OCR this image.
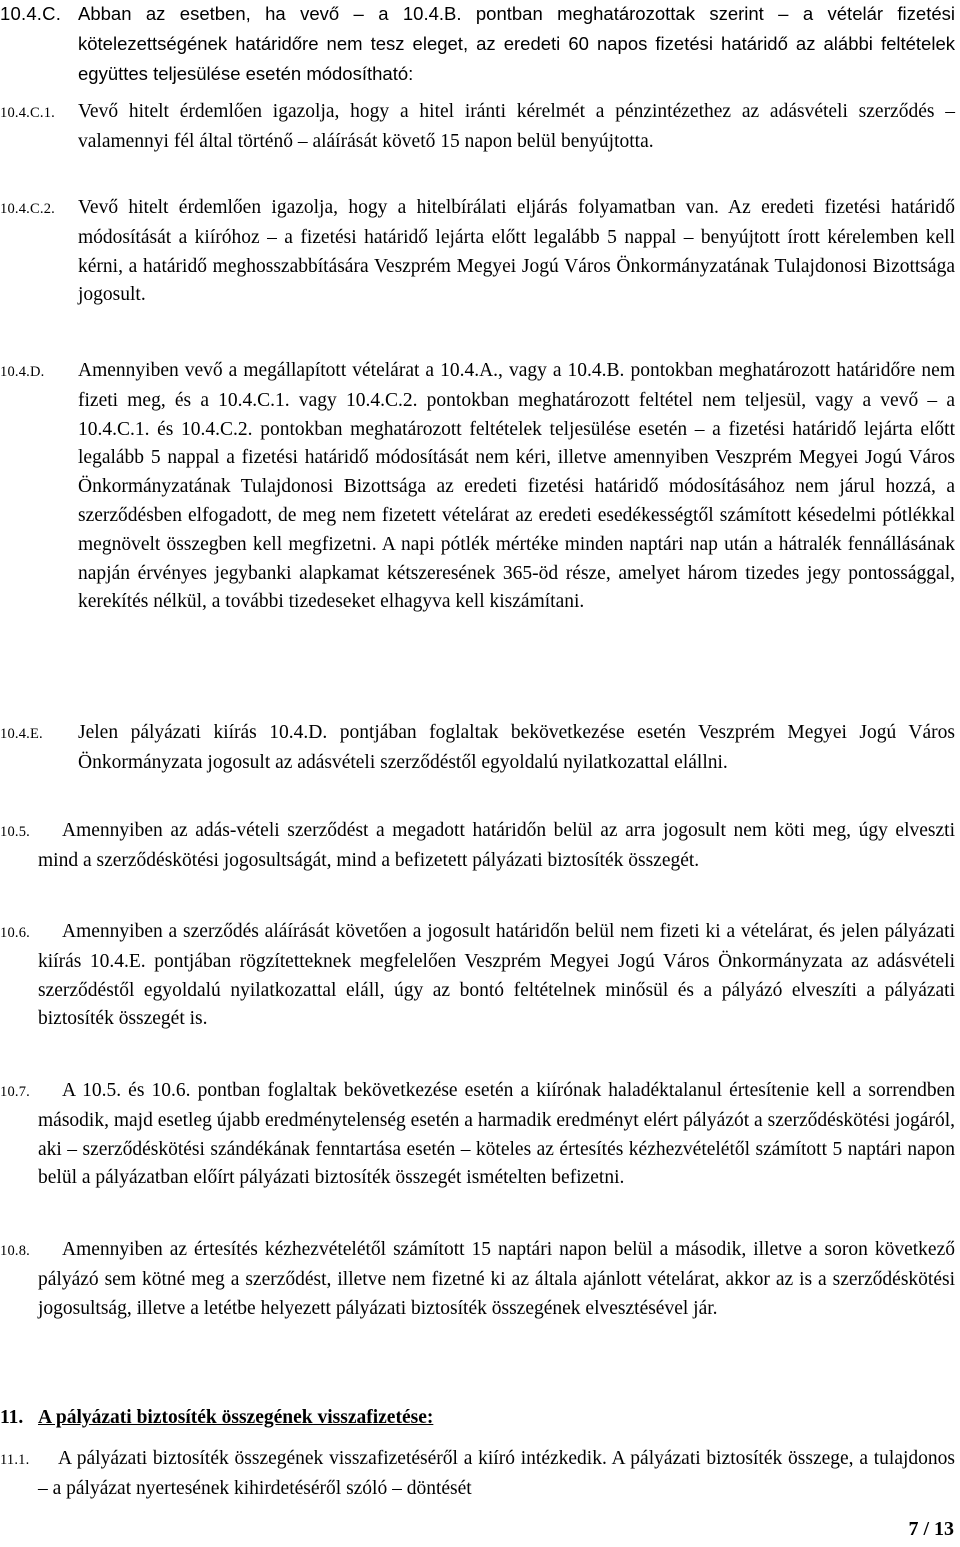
10.4.C. Abban az esetben, ha vevő – a 10.4.B. pontban meghatározottak szerint – a vételár fizetési kötelezettségének határidőre nem tesz eleget, az eredeti 60 napos fizetési határidő az alábbi feltételek együttes teljesülése esetén módosítható:
10.4.C.1. Vevő hitelt érdemlően igazolja, hogy a hitel iránti kérelmét a pénzintézethez az adásvételi szerződés – valamennyi fél által történő – aláírását követő 15 napon belül benyújtotta.
10.4.C.2. Vevő hitelt érdemlően igazolja, hogy a hitelbírálati eljárás folyamatban van. Az eredeti fizetési határidő módosítását a kiíróhoz – a fizetési határidő lejárta előtt legalább 5 nappal – benyújtott írott kérelemben kell kérni, a határidő meghosszabbítására Veszprém Megyei Jogú Város Önkormányzatának Tulajdonosi Bizottsága jogosult.
10.4.D. Amennyiben vevő a megállapított vételárat a 10.4.A., vagy a 10.4.B. pontokban meghatározott határidőre nem fizeti meg, és a 10.4.C.1. vagy 10.4.C.2. pontokban meghatározott feltétel nem teljesül, vagy a vevő – a 10.4.C.1. és 10.4.C.2. pontokban meghatározott feltételek teljesülése esetén – a fizetési határidő lejárta előtt legalább 5 nappal a fizetési határidő módosítását nem kéri, illetve amennyiben Veszprém Megyei Jogú Város Önkormányzatának Tulajdonosi Bizottsága az eredeti fizetési határidő módosításához nem járul hozzá, a szerződésben elfogadott, de meg nem fizetett vételárat az eredeti esedékességtől számított késedelmi pótlékkal megnövelt összegben kell megfizetni. A napi pótlék mértéke minden naptári nap után a hátralék fennállásának napján érvényes jegybanki alapkamat kétszeresének 365-öd része, amelyet három tizedes jegy pontossággal, kerekítés nélkül, a további tizedeseket elhagyva kell kiszámítani.
10.4.E. Jelen pályázati kiírás 10.4.D. pontjában foglaltak bekövetkezése esetén Veszprém Megyei Jogú Város Önkormányzata jogosult az adásvételi szerződéstől egyoldalú nyilatkozattal elállni.
10.5. Amennyiben az adás-vételi szerződést a megadott határidőn belül az arra jogosult nem köti meg, úgy elveszti mind a szerződéskötési jogosultságát, mind a befizetett pályázati biztosíték összegét.
10.6. Amennyiben a szerződés aláírását követően a jogosult határidőn belül nem fizeti ki a vételárat, és jelen pályázati kiírás 10.4.E. pontjában rögzítetteknek megfelelően Veszprém Megyei Jogú Város Önkormányzata az adásvételi szerződéstől egyoldalú nyilatkozattal eláll, úgy az bontó feltételnek minősül és a pályázó elveszíti a pályázati biztosíték összegét is.
10.7. A 10.5. és 10.6. pontban foglaltak bekövetkezése esetén a kiírónak haladéktalanul értesítenie kell a sorrendben második, majd esetleg újabb eredménytelenség esetén a harmadik eredményt elért pályázót a szerződéskötési jogáról, aki – szerződéskötési szándékának fenntartása esetén – köteles az értesítés kézhezvételétől számított 5 naptári napon belül a pályázatban előírt pályázati biztosíték összegét ismételten befizetni.
10.8. Amennyiben az értesítés kézhezvételétől számított 15 naptári napon belül a második, illetve a soron következő pályázó sem kötné meg a szerződést, illetve nem fizetné ki az általa ajánlott vételárat, akkor az is a szerződéskötési jogosultság, illetve a letétbe helyezett pályázati biztosíték összegének elvesztésével jár.
11. A pályázati biztosíték összegének visszafizetése:
11.1. A pályázati biztosíték összegének visszafizetéséről a kiíró intézkedik. A pályázati biztosíték összege, a tulajdonos – a pályázat nyertesének kihirdetéséről szóló – döntését
7 / 13
